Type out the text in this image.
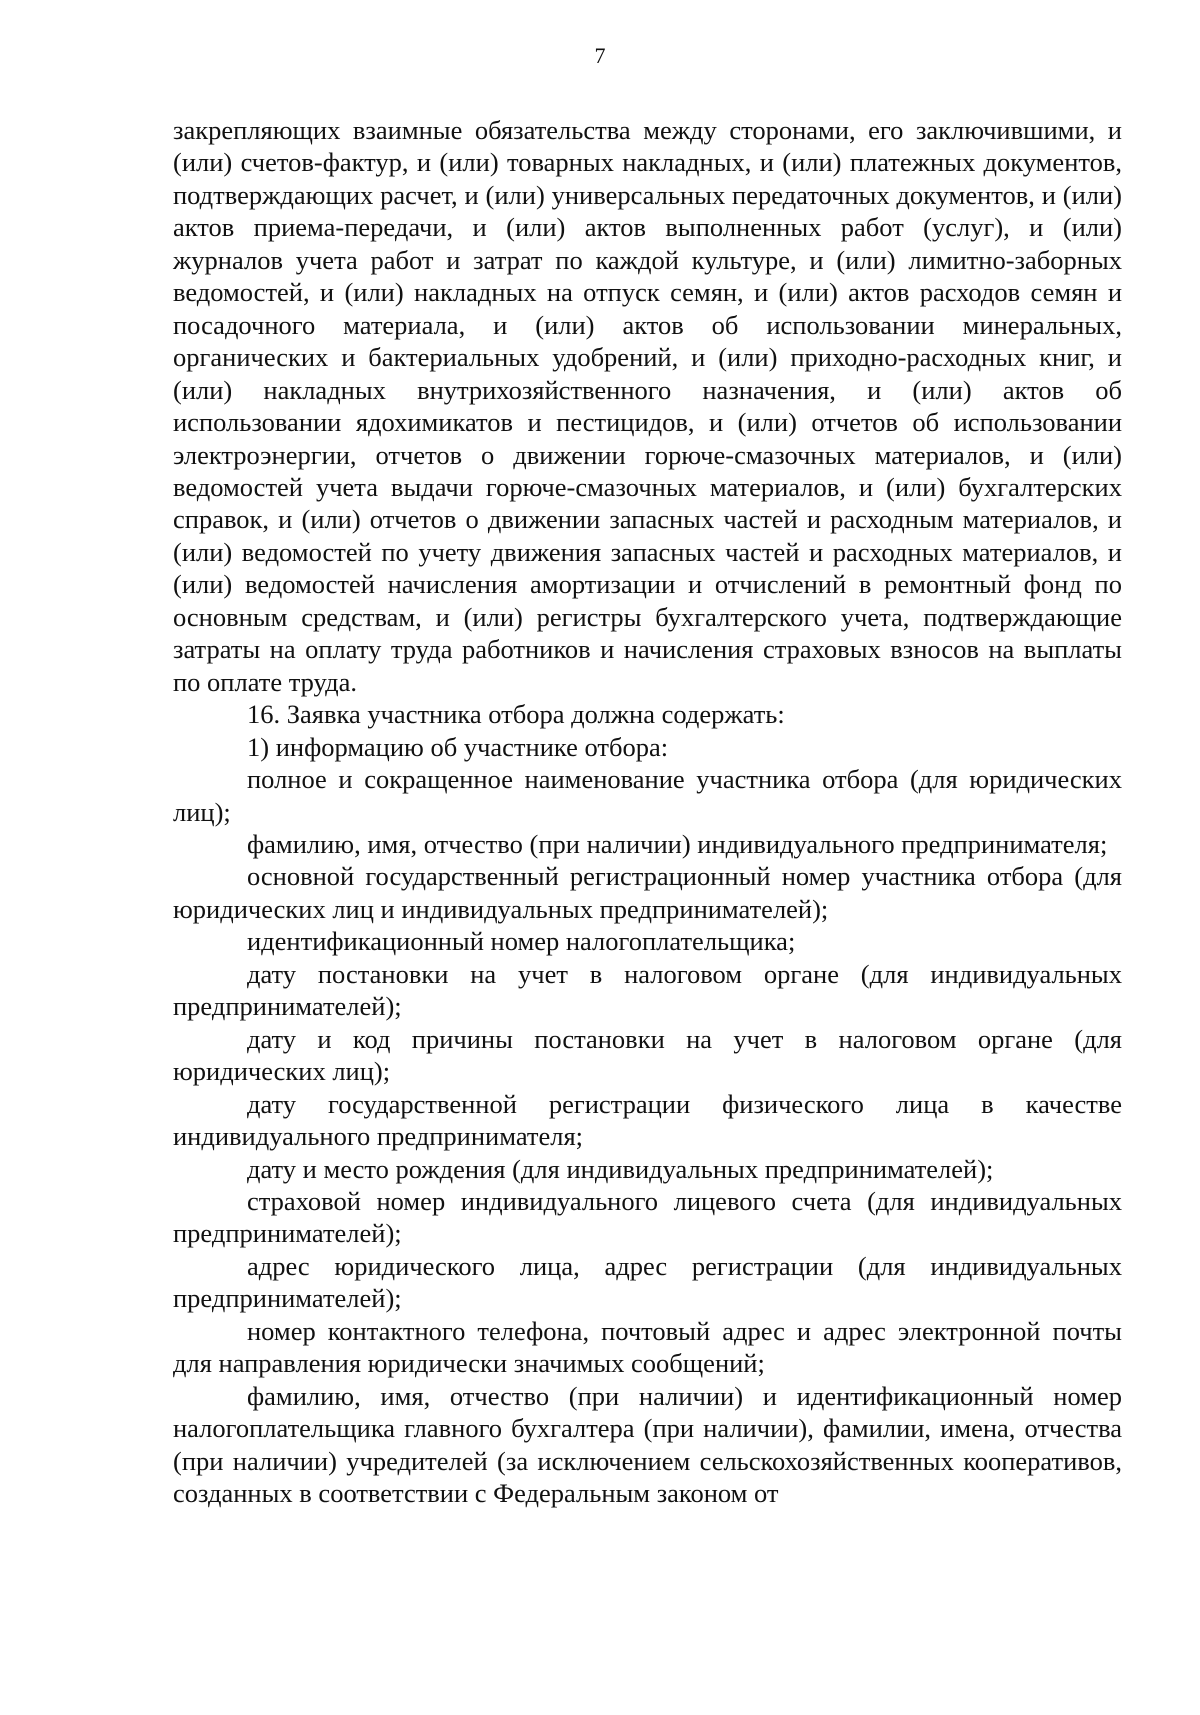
7

закрепляющих взаимные обязательства между сторонами, его заключившими, и (или) счетов-фактур, и (или) товарных накладных, и (или) платежных документов, подтверждающих расчет, и (или) универсальных передаточных документов, и (или) актов приема-передачи, и (или) актов выполненных работ (услуг), и (или) журналов учета работ и затрат по каждой культуре, и (или) лимитно-заборных ведомостей, и (или) накладных на отпуск семян, и (или) актов расходов семян и посадочного материала, и (или) актов об использовании минеральных, органических и бактериальных удобрений, и (или) приходно-расходных книг, и (или) накладных внутрихозяйственного назначения, и (или) актов об использовании ядохимикатов и пестицидов, и (или) отчетов об использовании электроэнергии, отчетов о движении горюче-смазочных материалов, и (или) ведомостей учета выдачи горюче-смазочных материалов, и (или) бухгалтерских справок, и (или) отчетов о движении запасных частей и расходным материалов, и (или) ведомостей по учету движения запасных частей и расходных материалов, и (или) ведомостей начисления амортизации и отчислений в ремонтный фонд по основным средствам, и (или) регистры бухгалтерского учета, подтверждающие затраты на оплату труда работников и начисления страховых взносов на выплаты по оплате труда.

16. Заявка участника отбора должна содержать:

1) информацию об участнике отбора:

полное и сокращенное наименование участника отбора (для юридических лиц);

фамилию, имя, отчество (при наличии) индивидуального предпринимателя;

основной государственный регистрационный номер участника отбора (для юридических лиц и индивидуальных предпринимателей);

идентификационный номер налогоплательщика;

дату постановки на учет в налоговом органе (для индивидуальных предпринимателей);

дату и код причины постановки на учет в налоговом органе (для юридических лиц);

дату государственной регистрации физического лица в качестве индивидуального предпринимателя;

дату и место рождения (для индивидуальных предпринимателей);

страховой номер индивидуального лицевого счета (для индивидуальных предпринимателей);

адрес юридического лица, адрес регистрации (для индивидуальных предпринимателей);

номер контактного телефона, почтовый адрес и адрес электронной почты для направления юридически значимых сообщений;

фамилию, имя, отчество (при наличии) и идентификационный номер налогоплательщика главного бухгалтера (при наличии), фамилии, имена, отчества (при наличии) учредителей (за исключением сельскохозяйственных кооперативов, созданных в соответствии с Федеральным законом от
